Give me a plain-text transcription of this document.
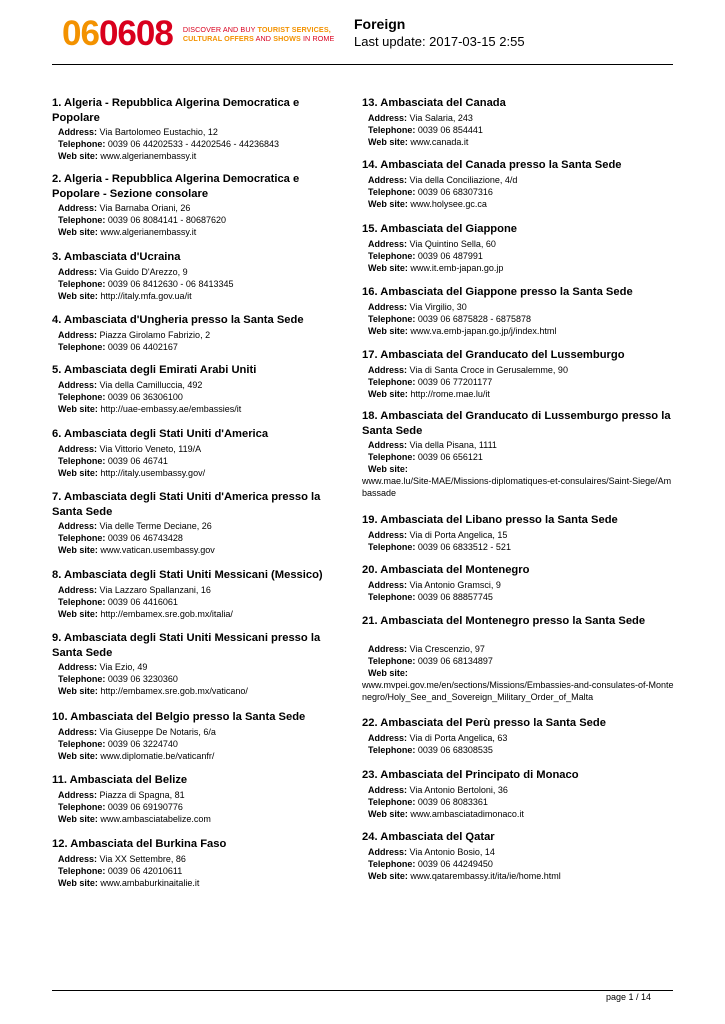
060608 DISCOVER AND BUY TOURIST SERVICES,
CULTURAL OFFERS AND SHOWS IN ROME
Foreign
Last update: 2017-03-15 2:55
1. Algeria - Repubblica Algerina Democratica e Popolare
Address: Via Bartolomeo Eustachio, 12
Telephone: 0039 06 44202533 - 44202546 - 44236843
Web site: www.algerianembassy.it
2. Algeria - Repubblica Algerina Democratica e Popolare - Sezione consolare
Address: Via Barnaba Oriani, 26
Telephone: 0039 06 8084141 - 80687620
Web site: www.algerianembassy.it
3. Ambasciata d'Ucraina
Address: Via Guido D'Arezzo, 9
Telephone: 0039 06 8412630 - 06 8413345
Web site: http://italy.mfa.gov.ua/it
4. Ambasciata d'Ungheria presso la Santa Sede
Address: Piazza Girolamo Fabrizio, 2
Telephone: 0039 06 4402167
5. Ambasciata degli Emirati Arabi Uniti
Address: Via della Camilluccia, 492
Telephone: 0039 06 36306100
Web site: http://uae-embassy.ae/embassies/it
6. Ambasciata degli Stati Uniti d'America
Address: Via Vittorio Veneto, 119/A
Telephone: 0039 06 46741
Web site: http://italy.usembassy.gov/
7. Ambasciata degli Stati Uniti d'America presso la Santa Sede
Address: Via delle Terme Deciane, 26
Telephone: 0039 06 46743428
Web site: www.vatican.usembassy.gov
8. Ambasciata degli Stati Uniti Messicani (Messico)
Address: Via Lazzaro Spallanzani, 16
Telephone: 0039 06 4416061
Web site: http://embamex.sre.gob.mx/italia/
9. Ambasciata degli Stati Uniti Messicani presso la Santa Sede
Address: Via Ezio, 49
Telephone: 0039 06 3230360
Web site: http://embamex.sre.gob.mx/vaticano/
10. Ambasciata del Belgio presso la Santa Sede
Address: Via Giuseppe De Notaris, 6/a
Telephone: 0039 06 3224740
Web site: www.diplomatie.be/vaticanfr/
11. Ambasciata del Belize
Address: Piazza di Spagna, 81
Telephone: 0039 06 69190776
Web site: www.ambasciatabelize.com
12. Ambasciata del Burkina Faso
Address: Via XX Settembre, 86
Telephone: 0039 06 42010611
Web site: www.ambaburkinaitalie.it
13. Ambasciata del Canada
Address: Via Salaria, 243
Telephone: 0039 06 854441
Web site: www.canada.it
14. Ambasciata del Canada presso la Santa Sede
Address: Via della Conciliazione, 4/d
Telephone: 0039 06 68307316
Web site: www.holysee.gc.ca
15. Ambasciata del Giappone
Address: Via Quintino Sella, 60
Telephone: 0039 06 487991
Web site: www.it.emb-japan.go.jp
16. Ambasciata del Giappone presso la Santa Sede
Address: Via Virgilio, 30
Telephone: 0039 06 6875828 - 6875878
Web site: www.va.emb-japan.go.jp/j/index.html
17. Ambasciata del Granducato del Lussemburgo
Address: Via di Santa Croce in Gerusalemme, 90
Telephone: 0039 06 77201177
Web site: http://rome.mae.lu/it
18. Ambasciata del Granducato di Lussemburgo presso la Santa Sede
Address: Via della Pisana, 1111
Telephone: 0039 06 656121
Web site:
www.mae.lu/Site-MAE/Missions-diplomatiques-et-consulaires/Saint-Siege/Ambassade
19. Ambasciata del Libano presso la Santa Sede
Address: Via di Porta Angelica, 15
Telephone: 0039 06 6833512 - 521
20. Ambasciata del Montenegro
Address: Via Antonio Gramsci, 9
Telephone: 0039 06 88857745
21. Ambasciata del Montenegro presso la Santa Sede
Address: Via Crescenzio, 97
Telephone: 0039 06 68134897
Web site:
www.mvpei.gov.me/en/sections/Missions/Embassies-and-consulates-of-Montenegro/Holy_See_and_Sovereign_Military_Order_of_Malta
22. Ambasciata del Perù presso la Santa Sede
Address: Via di Porta Angelica, 63
Telephone: 0039 06 68308535
23. Ambasciata del Principato di Monaco
Address: Via Antonio Bertoloni, 36
Telephone: 0039 06 8083361
Web site: www.ambasciatadimonaco.it
24. Ambasciata del Qatar
Address: Via Antonio Bosio, 14
Telephone: 0039 06 44249450
Web site: www.qatarembassy.it/ita/ie/home.html
page 1 / 14
